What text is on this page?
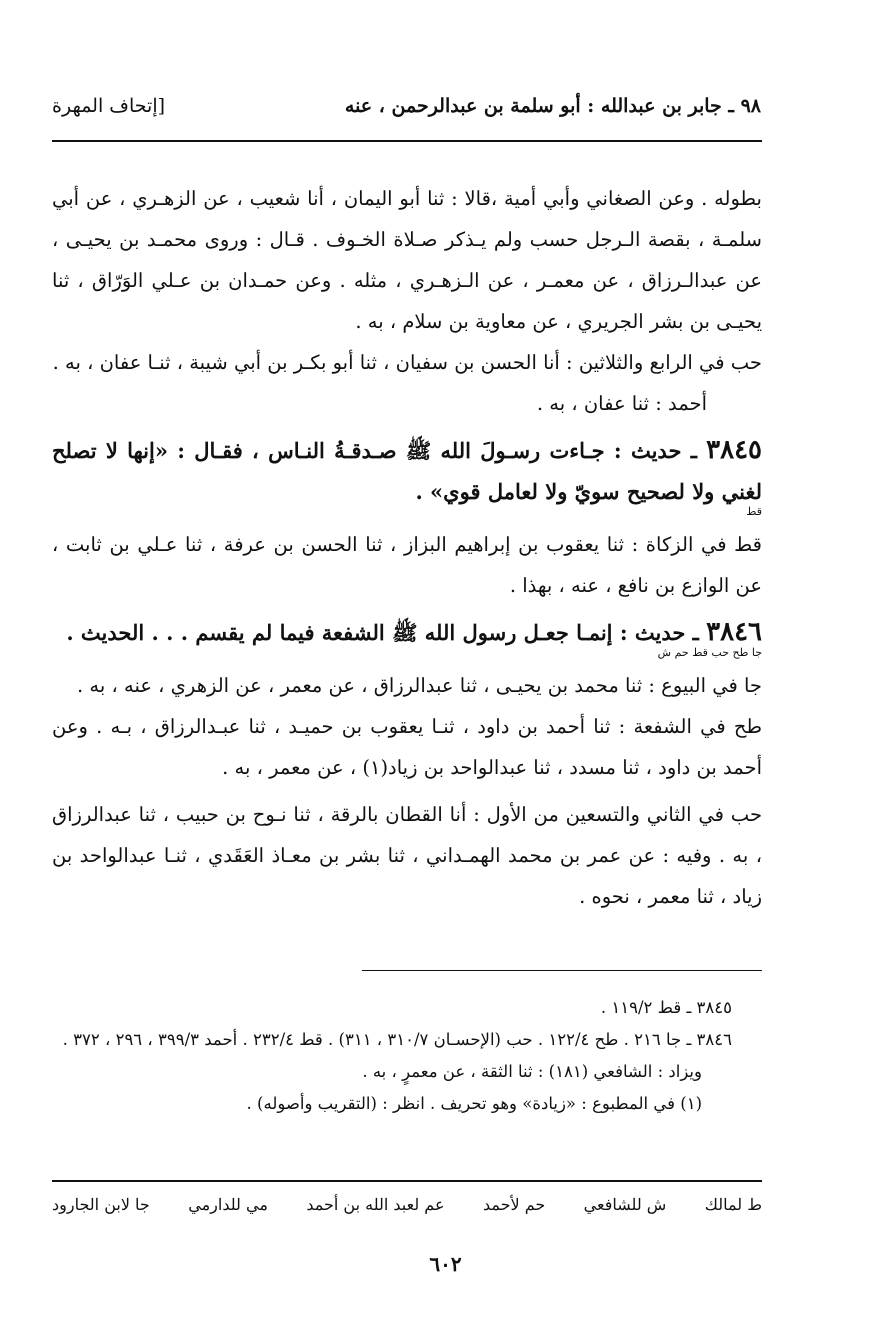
٩٨ ـ جابر بن عبدالله : أبو سلمة بن عبدالرحمن ، عنه
[إتحاف المهرة

بطوله . وعن الصغاني وأبي أمية ،قالا : ثنا أبو اليمان ، أنا شعيب ، عن الزهـري ، عن أبي سلمـة ، بقصة الـرجل حسب ولم يـذكر صـلاة الخـوف . قـال : وروى محمـد بن يحيـى ، عن عبدالـرزاق ، عن معمـر ، عن الـزهـري ، مثله . وعن حمـدان بن عـلي الوَرّاق ، ثنا يحيـى بن بشر الجريري ، عن معاوية بن سلام ، به .

حب في الرابع والثلاثين : أنا الحسن بن سفيان ، ثنا أبو بكـر بن أبي شيبة ، ثنـا عفان ، به .

أحمد : ثنا عفان ، به .

٣٨٤٥ ـ حديث : جـاءت رسـولَ الله ﷺ صـدقـةُ النـاس ، فقـال : «إنها لا تصلح لغني ولا لصحيح سويّ ولا لعامل قوي» .

قط

قط في الزكاة : ثنا يعقوب بن إبراهيم البزاز ، ثنا الحسن بن عرفة ، ثنا عـلي بن ثابت ، عن الوازع بن نافع ، عنه ، بهذا .

٣٨٤٦ ـ حديث : إنمـا جعـل رسول الله ﷺ الشفعة فيما لم يقسم . . . الحديث .

جا طح حب قط حم ش

جا في البيوع : ثنا محمد بن يحيـى ، ثنا عبدالرزاق ، عن معمر ، عن الزهري ، عنه ، به .

طح في الشفعة : ثنا أحمد بن داود ، ثنـا يعقوب بن حميـد ، ثنا عبـدالرزاق ، بـه . وعن أحمد بن داود ، ثنا مسدد ، ثنا عبدالواحد بن زياد(١) ، عن معمر ، به .

حب في الثاني والتسعين من الأول : أنا القطان بالرقة ، ثنا نـوح بن حبيب ، ثنا عبدالرزاق ، به . وفيه : عن عمر بن محمد الهمـداني ، ثنا بشر بن معـاذ العَقَدي ، ثنـا عبدالواحد بن زياد ، ثنا معمر ، نحوه .

٣٨٤٥ ـ قط ١١٩/٢ .

٣٨٤٦ ـ جا ٢١٦ . طح ١٢٢/٤ . حب (الإحسـان ٣١٠/٧ ، ٣١١) . قط ٢٣٢/٤ . أحمد ٣٩٩/٣ ، ٢٩٦ ، ٣٧٢ .

ويزاد : الشافعي (١٨١) : ثنا الثقة ، عن معمرٍ ، به .

(١) في المطبوع : «زيادة» وهو تحريف . انظر : (التقريب وأصوله) .

ط لمالك
ش للشافعي
حم لأحمد
عم لعبد الله بن أحمد
مي للدارمي
جا لابن الجارود
٦٠٢
